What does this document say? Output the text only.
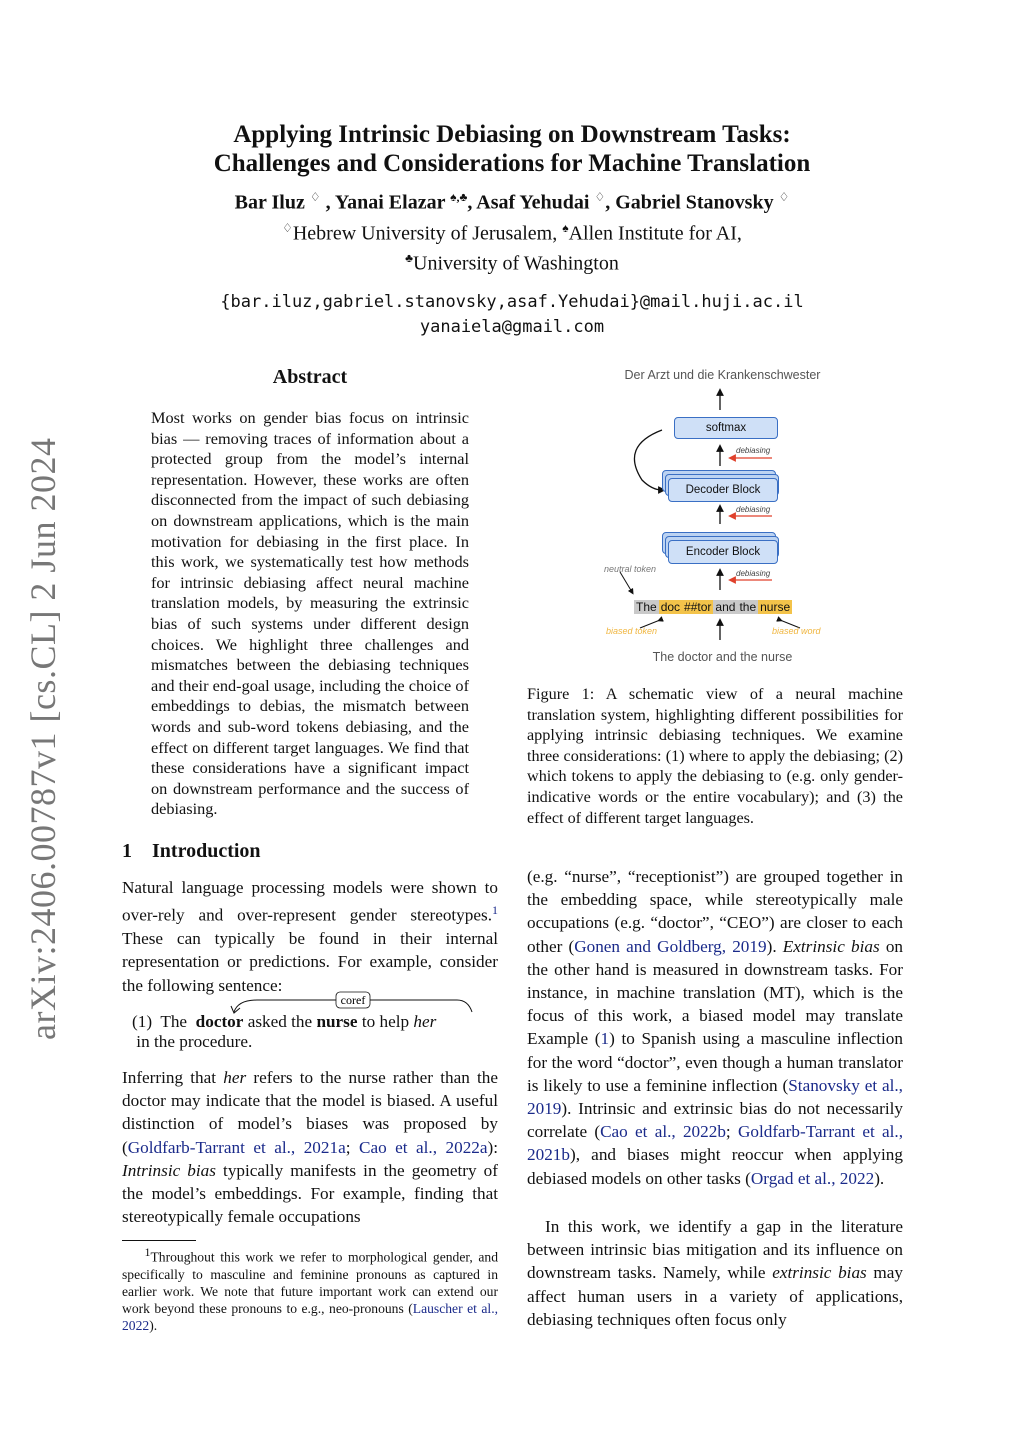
arXiv:2406.00787v1 [cs.CL] 2 Jun 2024
Applying Intrinsic Debiasing on Downstream Tasks:
Challenges and Considerations for Machine Translation
Bar Iluz ♢ , Yanai Elazar ♠,♣, Asaf Yehudai ♢, Gabriel Stanovsky ♢
♢Hebrew University of Jerusalem, ♠Allen Institute for AI,
♣University of Washington
{bar.iluz,gabriel.stanovsky,asaf.Yehudai}@mail.huji.ac.il
yanaiela@gmail.com
Abstract
Most works on gender bias focus on intrinsic bias — removing traces of information about a protected group from the model’s internal representation. However, these works are often disconnected from the impact of such debiasing on downstream applications, which is the main motivation for debiasing in the first place. In this work, we systematically test how methods for intrinsic debiasing affect neural machine translation models, by measuring the extrinsic bias of such systems under different design choices. We highlight three challenges and mismatches between the debiasing techniques and their end-goal usage, including the choice of embeddings to debias, the mismatch between words and sub-word tokens debiasing, and the effect on different target languages. We find that these considerations have a significant impact on downstream performance and the success of debiasing.
1 Introduction
Natural language processing models were shown to over-rely and over-represent gender stereotypes.$^1$ These can typically be found in their internal representation or predictions. For example, consider the following sentence:
coref
(1) The doctor asked the nurse to help her
in the procedure.
Inferring that her refers to the nurse rather than the doctor may indicate that the model is biased. A useful distinction of model’s biases was proposed by (Goldfarb-Tarrant et al., 2021a; Cao et al., 2022a): Intrinsic bias typically manifests in the geometry of the model’s embeddings. For example, finding that stereotypically female occupations
$^1$Throughout this work we refer to morphological gender, and specifically to masculine and feminine pronouns as captured in earlier work. We note that future important work can extend our work beyond these pronouns to e.g., neo-pronouns (Lauscher et al., 2022).
Der Arzt und die Krankenschwester
softmax
debiasing
Decoder Block
debiasing
Encoder Block
neutral token	debiasing
The doc ##tor and the nurse
biased token	biased word
The doctor and the nurse
Figure 1: A schematic view of a neural machine translation system, highlighting different possibilities for applying intrinsic debiasing techniques. We examine three considerations: (1) where to apply the debiasing; (2) which tokens to apply the debiasing to (e.g. only gender-indicative words or the entire vocabulary); and (3) the effect of different target languages.
(e.g. “nurse”, “receptionist”) are grouped together in the embedding space, while stereotypically male occupations (e.g. “doctor”, “CEO”) are closer to each other (Gonen and Goldberg, 2019). Extrinsic bias on the other hand is measured in downstream tasks. For instance, in machine translation (MT), which is the focus of this work, a biased model may translate Example (1) to Spanish using a masculine inflection for the word “doctor”, even though a human translator is likely to use a feminine inflection (Stanovsky et al., 2019). Intrinsic and extrinsic bias do not necessarily correlate (Cao et al., 2022b; Goldfarb-Tarrant et al., 2021b), and biases might reoccur when applying debiased models on other tasks (Orgad et al., 2022).
In this work, we identify a gap in the literature between intrinsic bias mitigation and its influence on downstream tasks. Namely, while extrinsic bias may affect human users in a variety of applications, debiasing techniques often focus only
